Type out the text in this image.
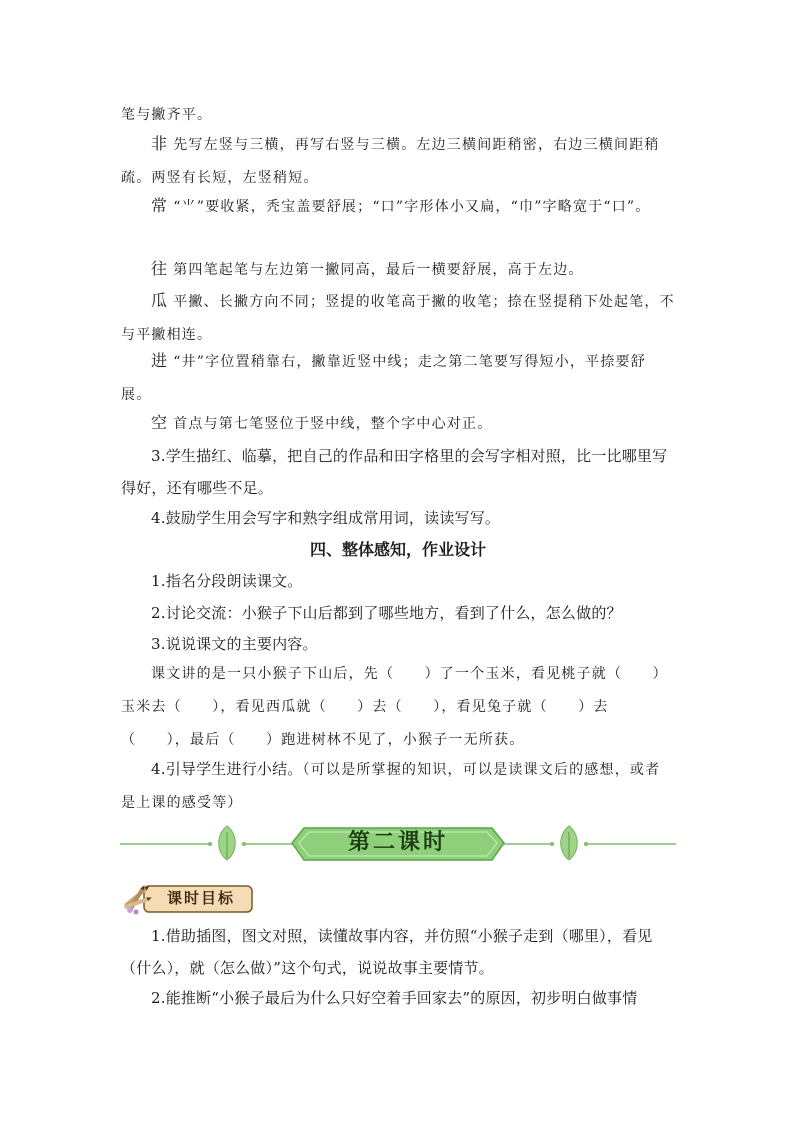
笔与撇齐平。
非 先写左竖与三横，再写右竖与三横。左边三横间距稍密，右边三横间距稍疏。两竖有长短，左竖稍短。
常 “⺌”要收紧，秃宝盖要舒展；“口”字形体小又扁，“巾”字略宽于“口”。
往 第四笔起笔与左边第一撇同高，最后一横要舒展，高于左边。
瓜 平撇、长撇方向不同；竖提的收笔高于撇的收笔；捺在竖提稍下处起笔，不与平撇相连。
进 “井”字位置稍靠右，撇靠近竖中线；走之第二笔要写得短小，平捺要舒展。
空 首点与第七笔竖位于竖中线，整个字中心对正。
3.学生描红、临摹，把自己的作品和田字格里的会写字相对照，比一比哪里写得好，还有哪些不足。
4.鼓励学生用会写字和熟字组成常用词，读读写写。
四、整体感知，作业设计
1.指名分段朗读课文。
2.讨论交流：小猴子下山后都到了哪些地方，看到了什么，怎么做的？
3.说说课文的主要内容。
课文讲的是一只小猴子下山后，先（　　）了一个玉米，看见桃子就（　　）玉米去（　　），看见西瓜就（　　）去（　　），看见兔子就（　　）去（　　），最后（　　）跑进树林不见了，小猴子一无所获。
4.引导学生进行小结。（可以是所掌握的知识，可以是读课文后的感想，或者是上课的感受等）
第二课时
课时目标
1.借助插图，图文对照，读懂故事内容，并仿照“小猴子走到（哪里），看见（什么），就（怎么做）”这个句式，说说故事主要情节。
2.能推断“小猴子最后为什么只好空着手回家去”的原因，初步明白做事情
